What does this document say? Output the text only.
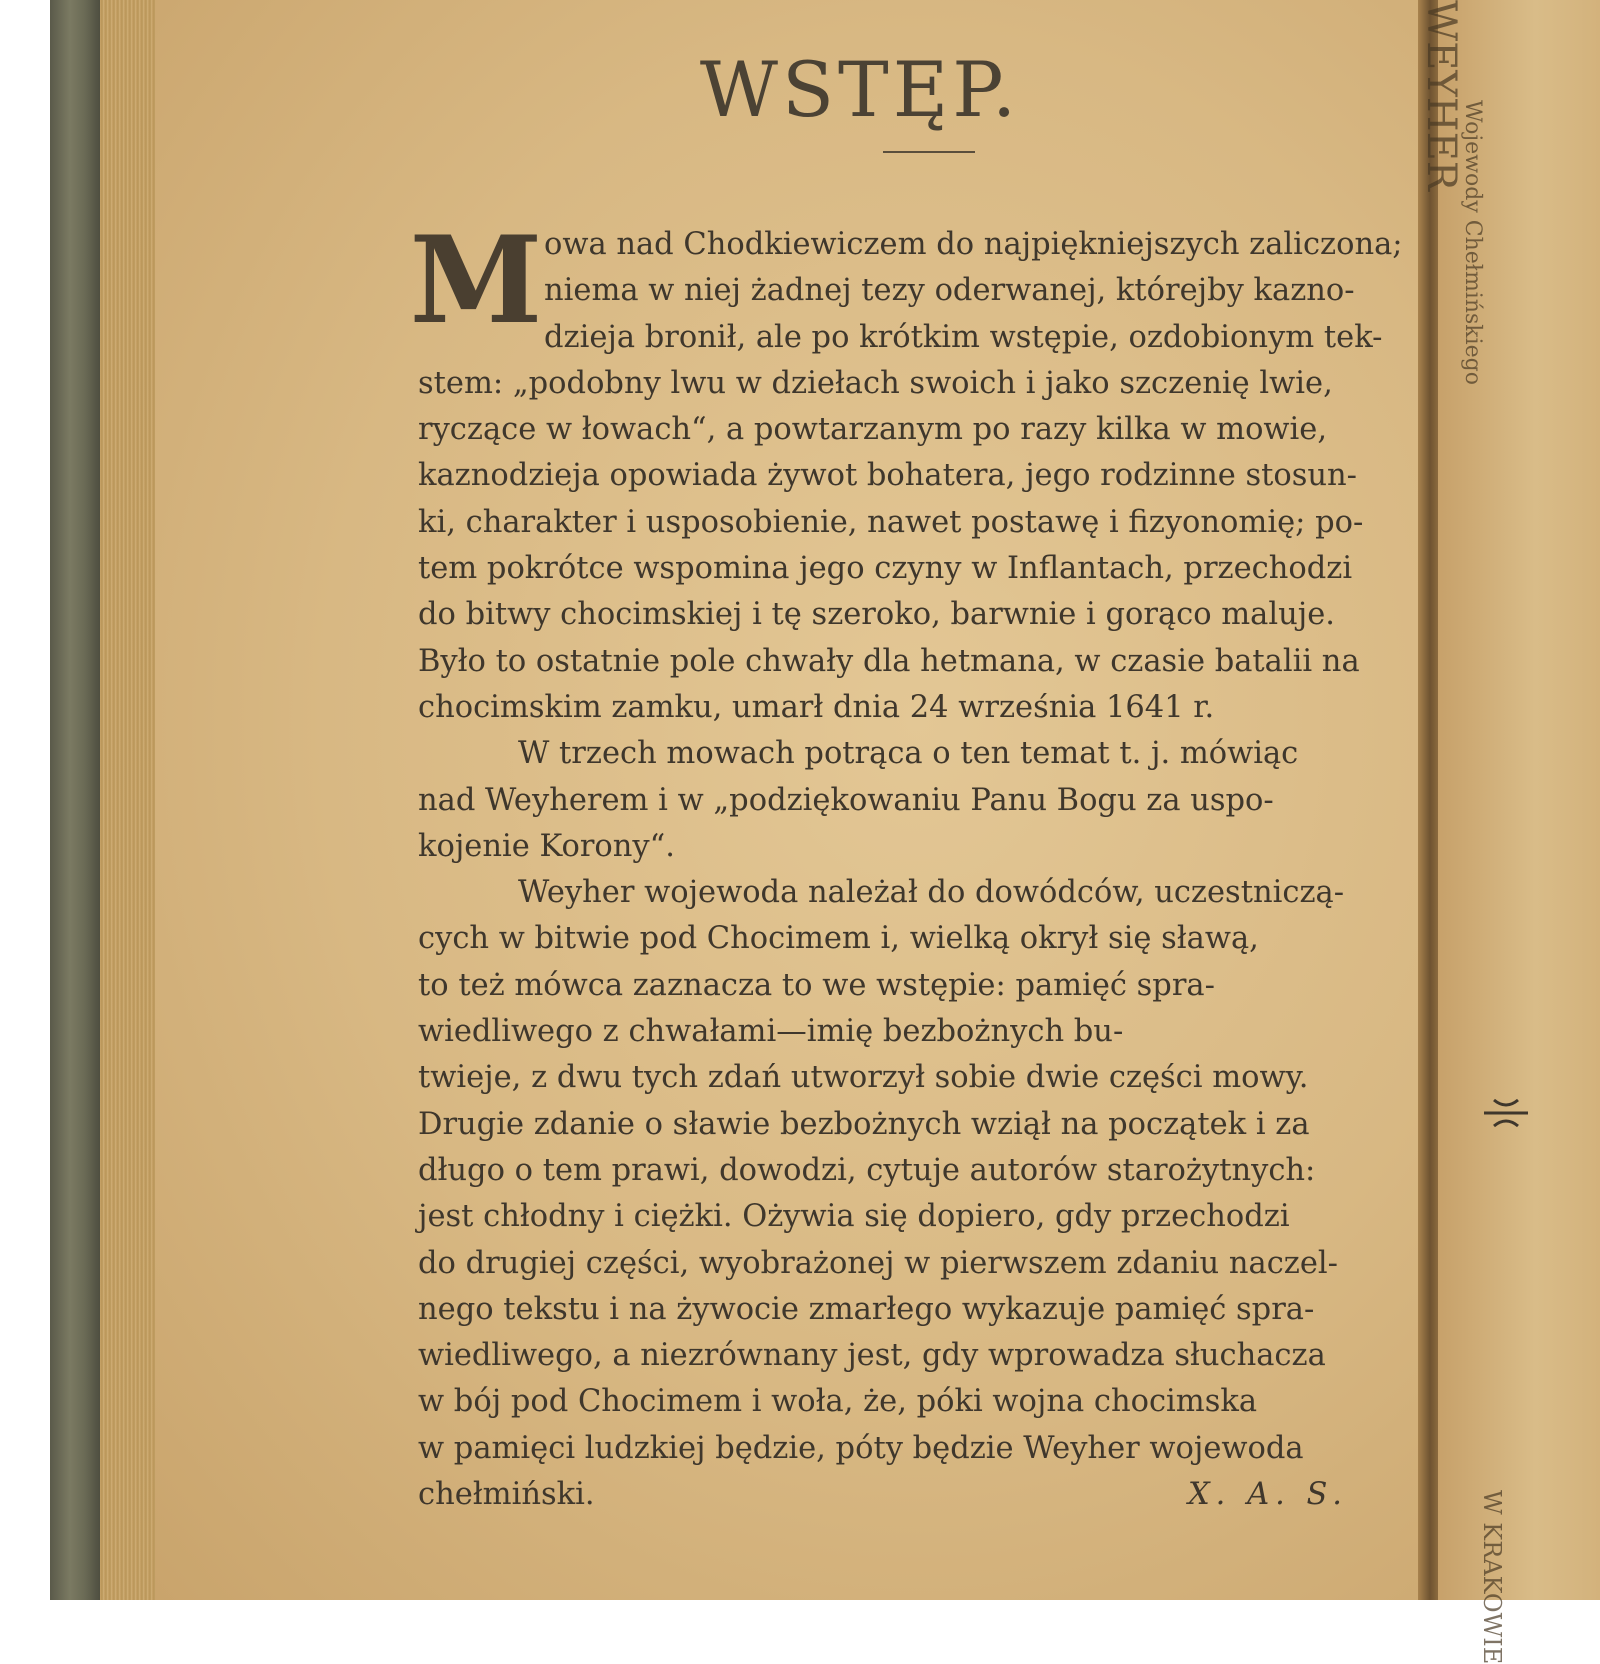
WSTĘP.
M owa nad Chodkiewiczem do najpiękniejszych zaliczona;
niema w niej żadnej tezy oderwanej, którejby kazno-
dzieja bronił, ale po krótkim wstępie, ozdobionym tek-
stem: „podobny lwu w dziełach swoich i jako szczenię lwie,
ryczące w łowach“, a powtarzanym po razy kilka w mowie,
kaznodzieja opowiada żywot bohatera, jego rodzinne stosun-
ki, charakter i usposobienie, nawet postawę i fizyonomię; po-
tem pokrótce wspomina jego czyny w Inflantach, przechodzi
do bitwy chocimskiej i tę szeroko, barwnie i gorąco maluje.
Było to ostatnie pole chwały dla hetmana, w czasie batalii na
chocimskim zamku, umarł dnia 24 września 1641 r.
W trzech mowach potrąca o ten temat t. j. mówiąc
nad Weyherem i w „podziękowaniu Panu Bogu za uspo-
kojenie Korony“.
Weyher wojewoda należał do dowódców, uczestniczą-
cych w bitwie pod Chocimem i, wielką okrył się sławą,
to też mówca zaznacza to we wstępie: pamięć spra-
wiedliwego z chwałami—imię bezbożnych bu-
twieje, z dwu tych zdań utworzył sobie dwie części mowy.
Drugie zdanie o sławie bezbożnych wziął na początek i za
długo o tem prawi, dowodzi, cytuje autorów starożytnych:
jest chłodny i ciężki. Ożywia się dopiero, gdy przechodzi
do drugiej części, wyobrażonej w pierwszem zdaniu naczel-
nego tekstu i na żywocie zmarłego wykazuje pamięć spra-
wiedliwego, a niezrównany jest, gdy wprowadza słuchacza
w bój pod Chocimem i woła, że, póki wojna chocimska
w pamięci ludzkiej będzie, póty będzie Weyher wojewoda
chełmiński.	X. A. S.
WEYHER
Wojewody Chełmińskiego
W KRAKOWIE
